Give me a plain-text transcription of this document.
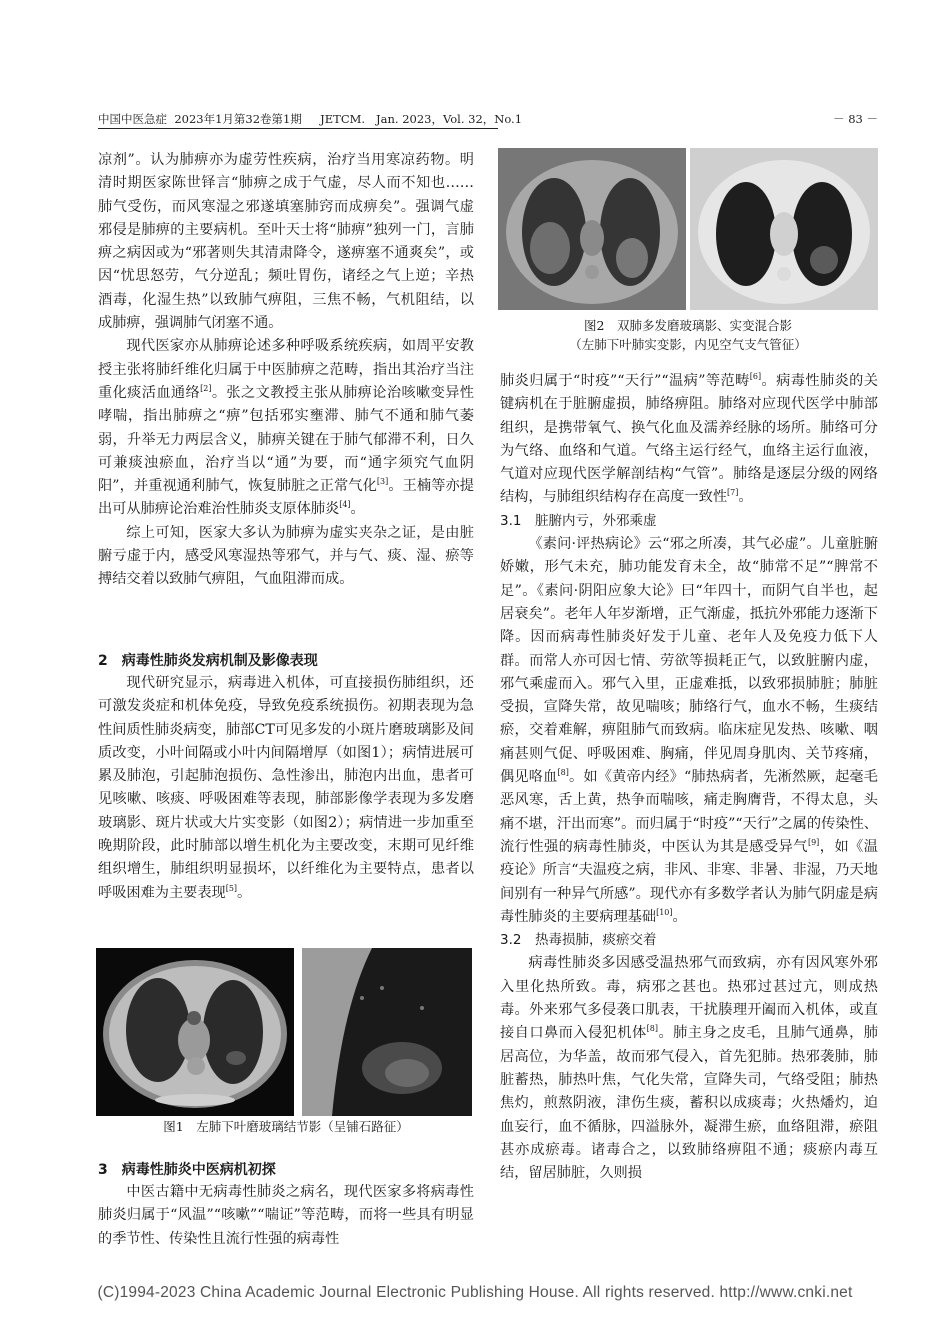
中国中医急症 2023年1月第32卷第1期 JETCM. Jan. 2023，Vol. 32，No.1	－ 83 －

凉剂”。认为肺痹亦为虚劳性疾病，治疗当用寒凉药物。明清时期医家陈世铎言“肺痹之成于气虚，尽人而不知也……肺气受伤，而风寒湿之邪遂填塞肺窍而成痹矣”。强调气虚邪侵是肺痹的主要病机。至叶天士将“肺痹”独列一门，言肺痹之病因或为“邪著则失其清肃降令，遂痹塞不通爽矣”，或因“忧思怒劳，气分逆乱；频吐胃伤，诸经之气上逆；辛热酒毒，化湿生热”以致肺气痹阻，三焦不畅，气机阻结，以成肺痹，强调肺气闭塞不通。

现代医家亦从肺痹论述多种呼吸系统疾病，如周平安教授主张将肺纤维化归属于中医肺痹之范畴，指出其治疗当注重化痰活血通络[2]。张之文教授主张从肺痹论治咳嗽变异性哮喘，指出肺痹之“痹”包括邪实壅滞、肺气不通和肺气萎弱，升举无力两层含义，肺痹关键在于肺气郁滞不利，日久可兼痰浊瘀血，治疗当以“通”为要，而“通字须究气血阴阳”，并重视通利肺气，恢复肺脏之正常气化[3]。王楠等亦提出可从肺痹论治难治性肺炎支原体肺炎[4]。

综上可知，医家大多认为肺痹为虚实夹杂之证，是由脏腑亏虚于内，感受风寒湿热等邪气，并与气、痰、湿、瘀等搏结交着以致肺气痹阻，气血阻滞而成。

2　病毒性肺炎发病机制及影像表现

现代研究显示，病毒进入机体，可直接损伤肺组织，还可激发炎症和机体免疫，导致免疫系统损伤。初期表现为急性间质性肺炎病变，肺部CT可见多发的小斑片磨玻璃影及间质改变，小叶间隔或小叶内间隔增厚（如图1）；病情进展可累及肺泡，引起肺泡损伤、急性渗出，肺泡内出血，患者可见咳嗽、咳痰、呼吸困难等表现，肺部影像学表现为多发磨玻璃影、斑片状或大片实变影（如图2）；病情进一步加重至晚期阶段，此时肺部以增生机化为主要改变，末期可见纤维组织增生，肺组织明显损坏，以纤维化为主要特点，患者以呼吸困难为主要表现[5]。

图1　左肺下叶磨玻璃结节影（呈铺石路征）

3　病毒性肺炎中医病机初探

中医古籍中无病毒性肺炎之病名，现代医家多将病毒性肺炎归属于“风温”“咳嗽”“喘证”等范畴，而将一些具有明显的季节性、传染性且流行性强的病毒性

图2　双肺多发磨玻璃影、实变混合影
（左肺下叶肺实变影，内见空气支气管征）

肺炎归属于“时疫”“天行”“温病”等范畴[6]。病毒性肺炎的关键病机在于脏腑虚损，肺络痹阻。肺络对应现代医学中肺部组织，是携带氧气、换气化血及濡养经脉的场所。肺络可分为气络、血络和气道。气络主运行经气，血络主运行血液，气道对应现代医学解剖结构“气管”。肺络是逐层分级的网络结构，与肺组织结构存在高度一致性[7]。

3.1　脏腑内亏，外邪乘虚

《素问·评热病论》云“邪之所凑，其气必虚”。儿童脏腑娇嫩，形气未充，肺功能发育未全，故“肺常不足”“脾常不足”。《素问·阴阳应象大论》曰“年四十，而阴气自半也，起居衰矣”。老年人年岁渐增，正气渐虚，抵抗外邪能力逐渐下降。因而病毒性肺炎好发于儿童、老年人及免疫力低下人群。而常人亦可因七情、劳欲等损耗正气，以致脏腑内虚，邪气乘虚而入。邪气入里，正虚难抵，以致邪损肺脏；肺脏受损，宣降失常，故见喘咳；肺络行气，血水不畅，生痰结瘀，交着难解，痹阻肺气而致病。临床症见发热、咳嗽、咽痛甚则气促、呼吸困难、胸痛，伴见周身肌肉、关节疼痛，偶见咯血[8]。如《黄帝内经》“肺热病者，先淅然厥，起毫毛恶风寒，舌上黄，热争而喘咳，痛走胸膺背，不得太息，头痛不堪，汗出而寒”。而归属于“时疫”“天行”之属的传染性、流行性强的病毒性肺炎，中医认为其是感受异气[9]，如《温疫论》所言“夫温疫之病，非风、非寒、非暑、非湿，乃天地间别有一种异气所感”。现代亦有多数学者认为肺气阴虚是病毒性肺炎的主要病理基础[10]。

3.2　热毒损肺，痰瘀交着

病毒性肺炎多因感受温热邪气而致病，亦有因风寒外邪入里化热所致。毒，病邪之甚也。热邪过甚过亢，则成热毒。外来邪气多侵袭口肌表，干扰腠理开阖而入机体，或直接自口鼻而入侵犯机体[8]。肺主身之皮毛，且肺气通鼻，肺居高位，为华盖，故而邪气侵入，首先犯肺。热邪袭肺，肺脏蓄热，肺热叶焦，气化失常，宣降失司，气络受阻；肺热焦灼，煎熬阴液，津伤生痰，蓄积以成痰毒；火热燔灼，迫血妄行，血不循脉，四溢脉外，凝滞生瘀，血络阻滞，瘀阻甚亦成瘀毒。诸毒合之，以致肺络痹阻不通；痰瘀内毒互结，留居肺脏，久则损

(C)1994-2023 China Academic Journal Electronic Publishing House. All rights reserved. http://www.cnki.net
